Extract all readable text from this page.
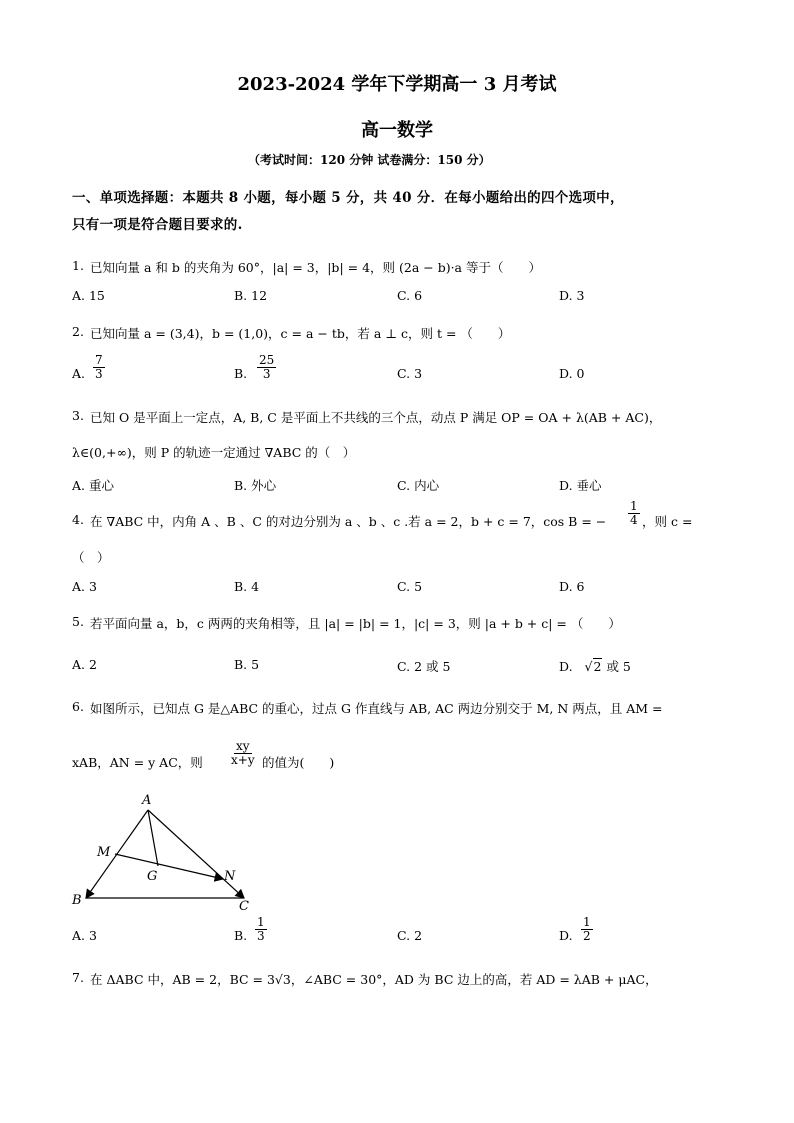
2023-2024 学年下学期高一 3 月考试
高一数学
（考试时间：120 分钟 试卷满分：150 分）
一、单项选择题：本题共 8 小题，每小题 5 分，共 40 分．在每小题给出的四个选项中，
只有一项是符合题目要求的.
1. 已知向量 a 和 b 的夹角为 60°，|a| = 3，|b| = 4，则 (2a − b)·a 等于（　　）
A. 15	B. 12	C. 6	D. 3
2. 已知向量 a = (3,4)，b = (1,0)，c = a − tb，若 a ⊥ c，则 t = （　　）
A. $\frac{7}{3}$	B. $\frac{25}{3}$	C. 3	D. 0
3. 已知 O 是平面上一定点，A, B, C 是平面上不共线的三个点，动点 P 满足 OP = OA + λ(AB + AC)，
λ∈(0,+∞)，则 P 的轨迹一定通过 ∇ABC 的（　）
A. 重心	B. 外心	C. 内心	D. 垂心
4. 在 ∇ABC 中，内角 A 、B 、C 的对边分别为 a 、b 、c .若 a = 2，b + c = 7，cos B = − $\frac{1}{4}$ ，则 c =
（　）
A. 3	B. 4	C. 5	D. 6
5. 若平面向量 a，b，c 两两的夹角相等，且 |a| = |b| = 1，|c| = 3，则 |a + b + c| = （　　）
A. 2	B. 5	C. 2 或 5	D. √2 或 5
6. 如图所示，已知点 G 是△ABC 的重心，过点 G 作直线与 AB, AC 两边分别交于 M, N 两点，且 AM =
xAB，AN = y AC，则 $\frac{xy}{x+y}$ 的值为(　　)
A
M
G	N
B	C
A. 3	B. $\frac{1}{3}$	C. 2	D. $\frac{1}{2}$
7. 在 ΔABC 中，AB = 2，BC = 3√3，∠ABC = 30°，AD 为 BC 边上的高，若 AD = λAB + μAC，
